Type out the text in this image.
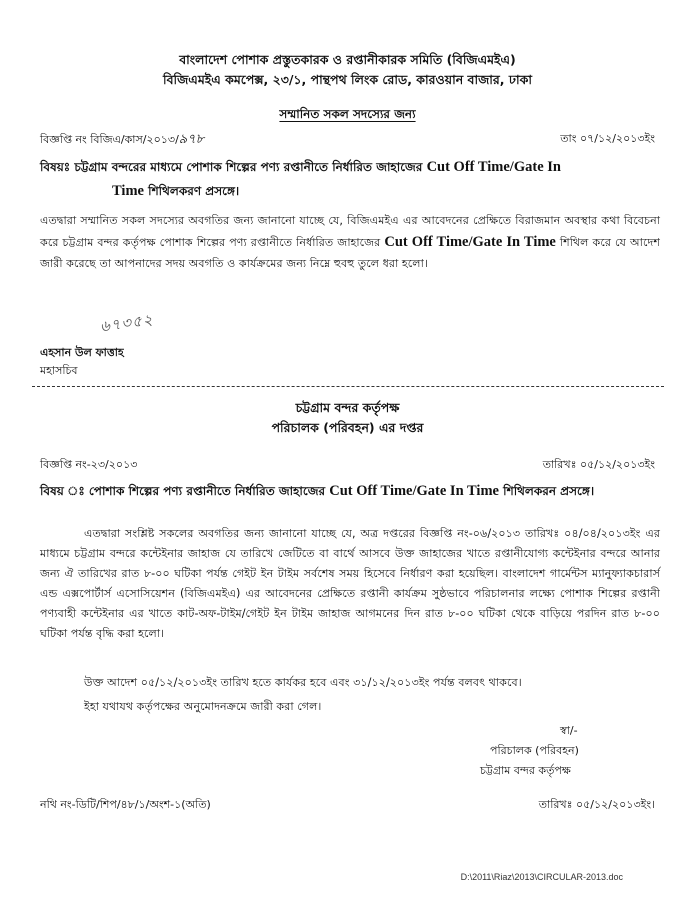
বাংলাদেশ পোশাক প্রস্তুতকারক ও রপ্তানীকারক সমিতি (বিজিএমইএ)
বিজিএমইএ কমপেক্স, ২৩/১, পান্থপথ লিংক রোড, কারওয়ান বাজার, ঢাকা
সম্মানিত সকল সদস্যের জন্য
বিজ্ঞপ্তি নং বিজিএ/কাস/২০১৩/৯৭৮	তাং ০৭/১২/২০১৩ইং
বিষয়ঃ চট্টগ্রাম বন্দরের মাধ্যমে পোশাক শিল্পের পণ্য রপ্তানীতে নির্ধারিত জাহাজের Cut Off Time/Gate In
Time শিথিলকরণ প্রসঙ্গে।
এতদ্বারা সম্মানিত সকল সদস্যের অবগতির জন্য জানানো যাচ্ছে যে, বিজিএমইএ এর আবেদনের প্রেক্ষিতে বিরাজমান অবস্থার কথা বিবেচনা করে চট্টগ্রাম বন্দর কর্তৃপক্ষ পোশাক শিল্পের পণ্য রপ্তানীতে নির্ধারিত জাহাজের Cut Off Time/Gate In Time শিথিল করে যে আদেশ জারী করেছে তা আপনাদের সদয় অবগতি ও কার্যক্রমের জন্য নিম্নে হুবহু তুলে ধরা হলো।
৬৭৩৫২
এহসান উল ফাত্তাহ
মহাসচিব
চট্টগ্রাম বন্দর কর্তৃপক্ষ
পরিচালক (পরিবহন) এর দপ্তর
বিজ্ঞপ্তি নং-২৩/২০১৩	তারিখঃ ০৫/১২/২০১৩ইং
বিষয় ঃ পোশাক শিল্পের পণ্য রপ্তানীতে নির্ধারিত জাহাজের Cut Off Time/Gate In Time শিথিলকরন প্রসঙ্গে।
এতদ্বারা সংশ্লিষ্ট সকলের অবগতির জন্য জানানো যাচ্ছে যে, অত্র দপ্তরের বিজ্ঞপ্তি নং-০৬/২০১৩ তারিখঃ ০৪/০৪/২০১৩ইং এর মাধ্যমে চট্টগ্রাম বন্দরে কন্টেইনার জাহাজ যে তারিখে জেটিতে বা বার্থে আসবে উক্ত জাহাজের খাতে রপ্তানীযোগ্য কন্টেইনার বন্দরে আনার জন্য ঐ তারিখের রাত ৮-০০ ঘটিকা পর্যন্ত গেইট ইন টাইম সর্বশেষ সময় হিসেবে নির্ধারণ করা হয়েছিল। বাংলাদেশ গার্মেন্টস ম্যানুফ্যাকচারার্স এন্ড এক্সপোর্টার্স এসোসিয়েশন (বিজিএমইএ) এর আবেদনের প্রেক্ষিতে রপ্তানী কার্যক্রম সুষ্ঠভাবে পরিচালনার লক্ষ্যে পোশাক শিল্পের রপ্তানী পণ্যবাহী কন্টেইনার এর খাতে কাট-অফ-টাইম/গেইট ইন টাইম জাহাজ আগমনের দিন রাত ৮-০০ ঘটিকা থেকে বাড়িয়ে পরদিন রাত ৮-০০ ঘটিকা পর্যন্ত বৃদ্ধি করা হলো।
উক্ত আদেশ ০৫/১২/২০১৩ইং তারিখ হতে কার্যকর হবে এবং ৩১/১২/২০১৩ইং পর্যন্ত বলবৎ থাকবে।
ইহা যথাযথ কর্তৃপক্ষের অনুমোদনক্রমে জারী করা গেল।
স্বা/-
পরিচালক (পরিবহন)
চট্টগ্রাম বন্দর কর্তৃপক্ষ
নথি নং-ডিটি/শিপ/৪৮/১/অংশ-১(অতি)	তারিখঃ ০৫/১২/২০১৩ইং।
D:\2011\Riaz\2013\CIRCULAR-2013.doc
